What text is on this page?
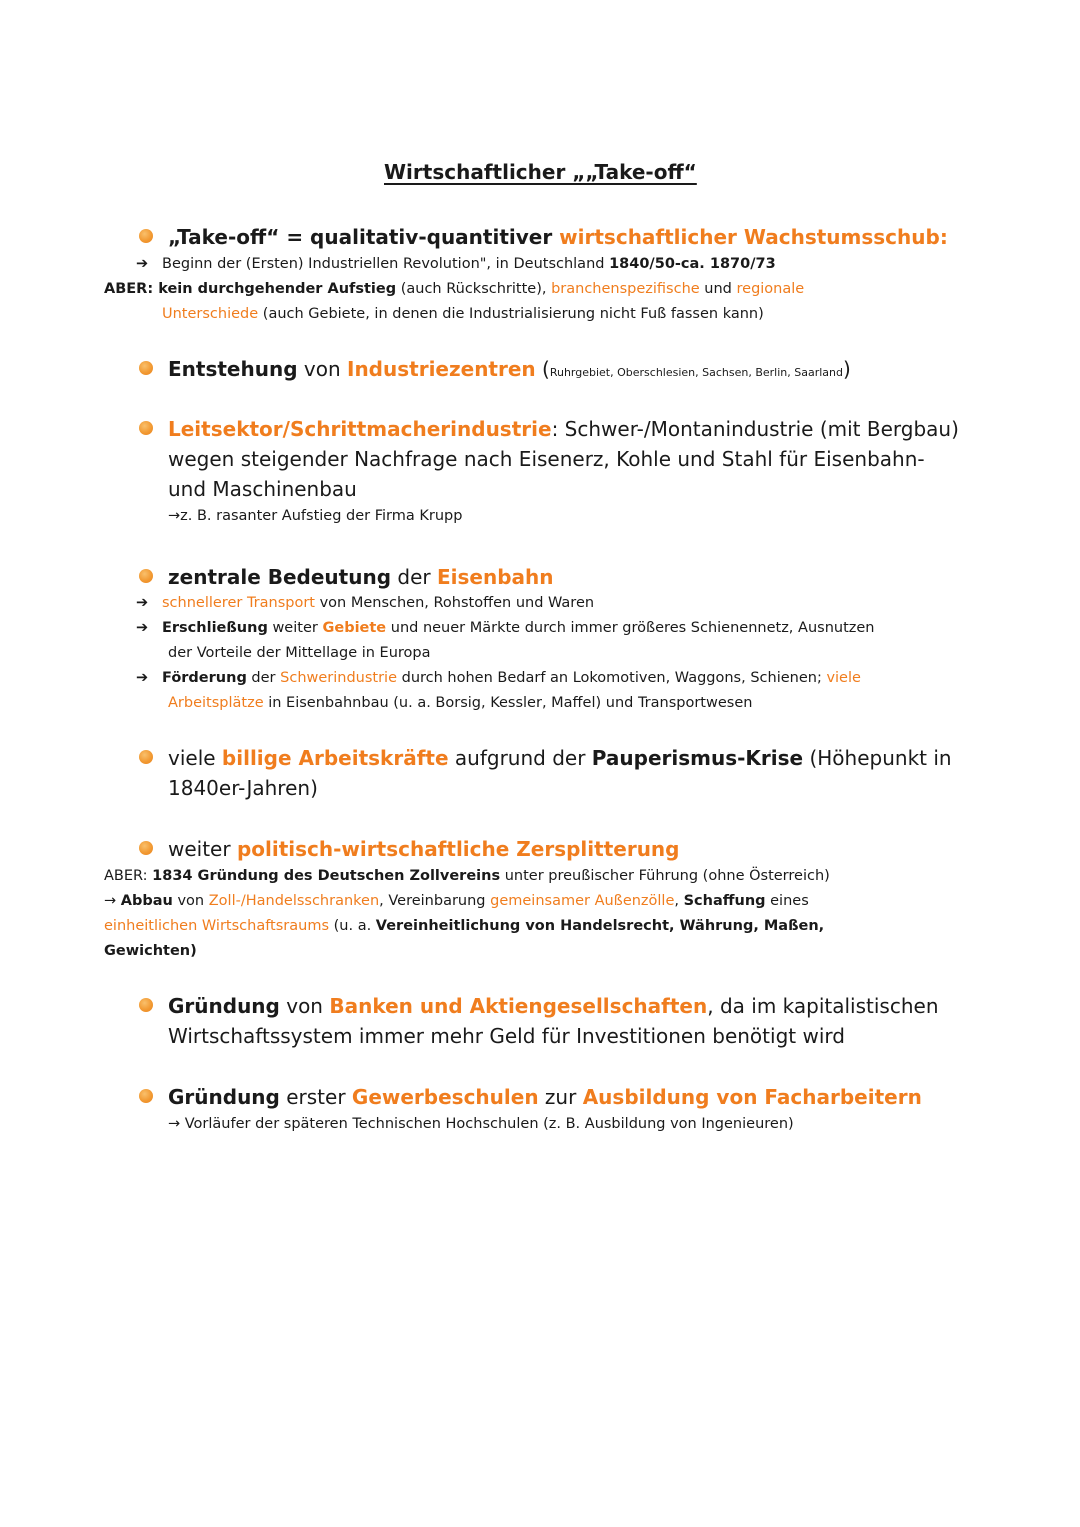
Wirtschaftlicher „„Take-off“
„Take-off“ = qualitativ-quantitiver wirtschaftlicher Wachstumsschub:
➔ Beginn der (Ersten) Industriellen Revolution", in Deutschland 1840/50-ca. 1870/73
ABER: kein durchgehender Aufstieg (auch Rückschritte), branchenspezifische und regionale
Unterschiede (auch Gebiete, in denen die Industrialisierung nicht Fuß fassen kann)
Entstehung von Industriezentren (Ruhrgebiet, Oberschlesien, Sachsen, Berlin, Saarland)
Leitsektor/Schrittmacherindustrie: Schwer-/Montanindustrie (mit Bergbau)
wegen steigender Nachfrage nach Eisenerz, Kohle und Stahl für Eisenbahn-
und Maschinenbau
→z. B. rasanter Aufstieg der Firma Krupp
zentrale Bedeutung der Eisenbahn
➔ schnellerer Transport von Menschen, Rohstoffen und Waren
➔ Erschließung weiter Gebiete und neuer Märkte durch immer größeres Schienennetz, Ausnutzen
der Vorteile der Mittellage in Europa
➔ Förderung der Schwerindustrie durch hohen Bedarf an Lokomotiven, Waggons, Schienen; viele
Arbeitsplätze in Eisenbahnbau (u. a. Borsig, Kessler, Maffel) und Transportwesen
viele billige Arbeitskräfte aufgrund der Pauperismus-Krise (Höhepunkt in
1840er-Jahren)
weiter politisch-wirtschaftliche Zersplitterung
ABER: 1834 Gründung des Deutschen Zollvereins unter preußischer Führung (ohne Österreich)
→ Abbau von Zoll-/Handelsschranken, Vereinbarung gemeinsamer Außenzölle, Schaffung eines
einheitlichen Wirtschaftsraums (u. a. Vereinheitlichung von Handelsrecht, Währung, Maßen,
Gewichten)
Gründung von Banken und Aktiengesellschaften, da im kapitalistischen
Wirtschaftssystem immer mehr Geld für Investitionen benötigt wird
Gründung erster Gewerbeschulen zur Ausbildung von Facharbeitern
→ Vorläufer der späteren Technischen Hochschulen (z. B. Ausbildung von Ingenieuren)
